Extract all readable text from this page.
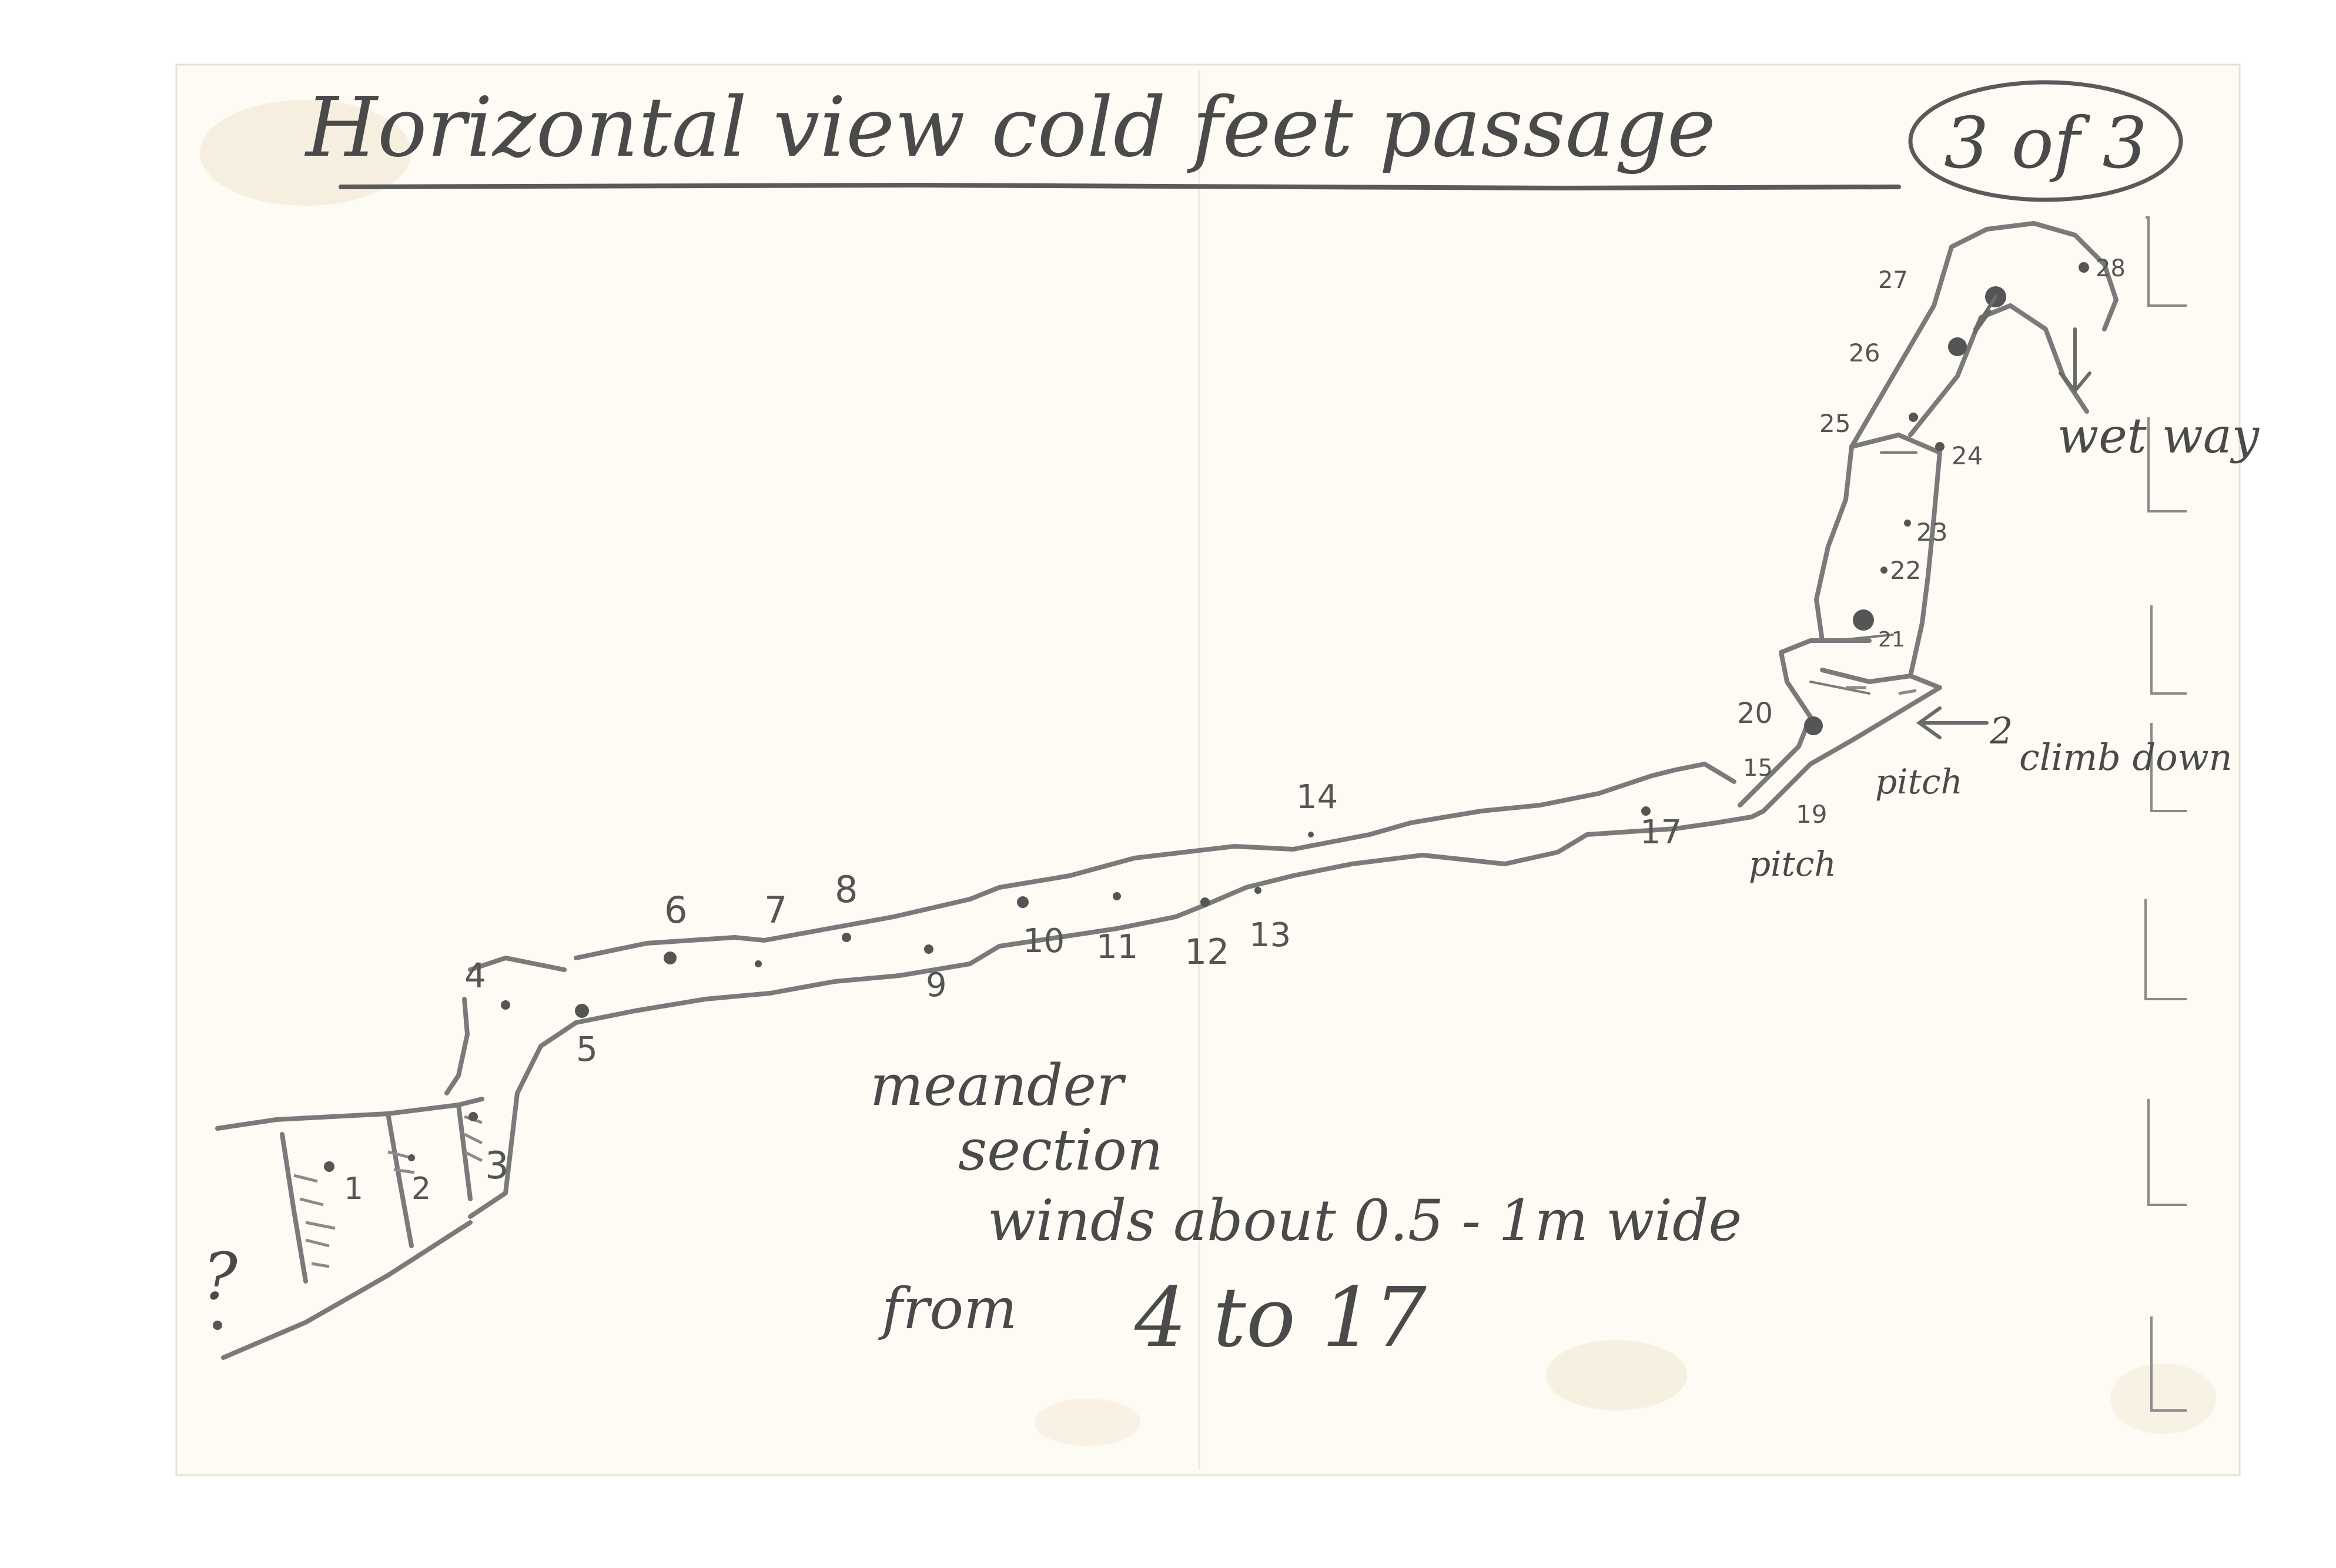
Horizontal view cold feet passage	3 of 3
1 2
3
4
5
6 7 8
9
10 11 12 13
14
15
17	19
20
21
22
23
24
25
26
27	28
?
wet way
2
climb down
pitch
pitch
meander
section
winds about 0.5 - 1m wide
from 4 to 17
